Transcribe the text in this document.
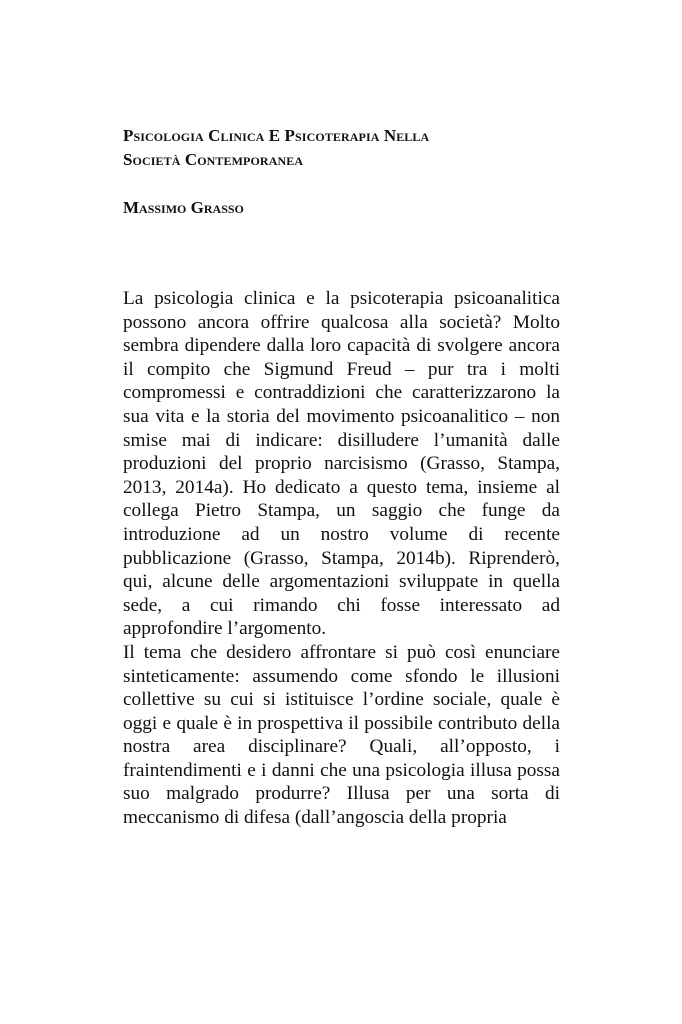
Psicologia Clinica E Psicoterapia Nella
Società Contemporanea
Massimo Grasso

La psicologia clinica e la psicoterapia psicoanalitica possono ancora offrire qualcosa alla società? Molto sembra dipendere dalla loro capacità di svolgere ancora il compito che Sigmund Freud – pur tra i molti compromessi e contraddizioni che caratterizzarono la sua vita e la storia del movimento psicoanalitico – non smise mai di indicare: disilludere l’umanità dalle produzioni del proprio narcisismo (Grasso, Stampa, 2013, 2014a). Ho dedicato a questo tema, insieme al collega Pietro Stampa, un saggio che funge da introduzione ad un nostro volume di recente pubblicazione (Grasso, Stampa, 2014b). Riprenderò, qui, alcune delle argomentazioni sviluppate in quella sede, a cui rimando chi fosse interessato ad approfondire l’argomento.

Il tema che desidero affrontare si può così enunciare sinteticamente: assumendo come sfondo le illusioni collettive su cui si istituisce l’ordine sociale, quale è oggi e quale è in prospettiva il possibile contributo della nostra area disciplinare? Quali, all’opposto, i fraintendimenti e i danni che una psicologia illusa possa suo malgrado produrre? Illusa per una sorta di meccanismo di difesa (dall’angoscia della propria
